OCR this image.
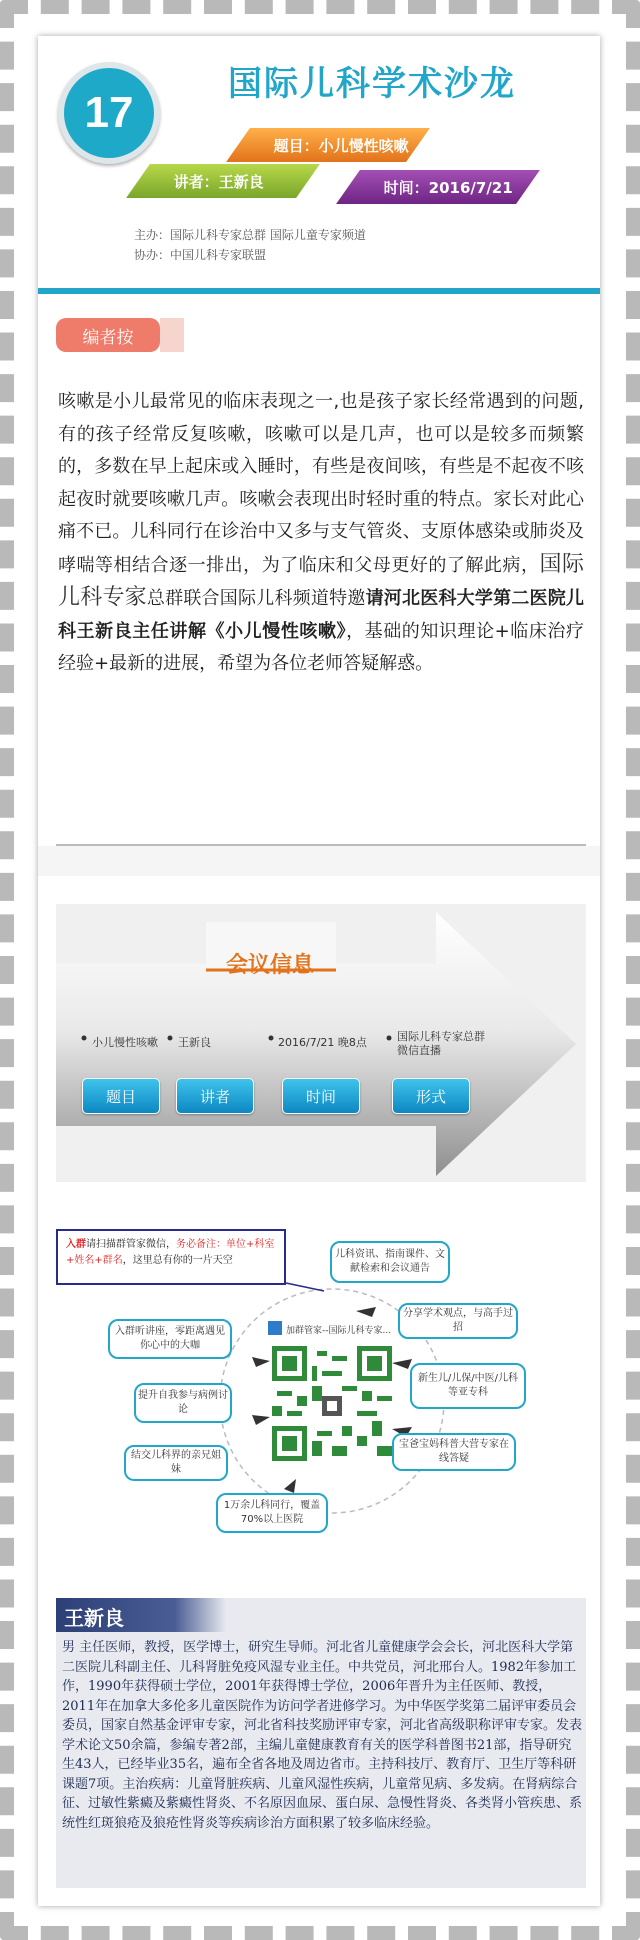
17
国际儿科学术沙龙
题目：小儿慢性咳嗽
讲者：王新良	时间：2016/7/21
主办：国际儿科专家总群 国际儿童专家频道
协办：中国儿科专家联盟
编者按
咳嗽是小儿最常见的临床表现之一,也是孩子家长经常遇到的问题,有的孩子经常反复咳嗽，咳嗽可以是几声，也可以是较多而频繁的，多数在早上起床或入睡时，有些是夜间咳，有些是不起夜不咳起夜时就要咳嗽几声。咳嗽会表现出时轻时重的特点。家长对此心痛不已。儿科同行在诊治中又多与支气管炎、支原体感染或肺炎及哮喘等相结合逐一排出，为了临床和父母更好的了解此病，国际儿科专家总群联合国际儿科频道特邀请河北医科大学第二医院儿科王新良主任讲解《小儿慢性咳嗽》，基础的知识理论+临床治疗经验+最新的进展，希望为各位老师答疑解惑。
会议信息
小儿慢性咳嗽 王新良	2016/7/21 晚8点	国际儿科专家总群微信直播
题目	讲者	时间	形式
入群请扫描群管家微信，务必备注：单位+科室+姓名+群名，这里总有你的一片天空
加群管家--国际儿科专家...
儿科资讯、指南课件、文献检索和会议通告
入群听讲座，零距离遇见你心中的大咖
分享学术观点，与高手过招
提升自我参与病例讨论
新生儿/儿保/中医/儿科等亚专科
结交儿科界的亲兄姐妹
宝爸宝妈科普大营专家在线答疑
1万余儿科同行，覆盖70%以上医院
王新良
男 主任医师，教授，医学博士，研究生导师。河北省儿童健康学会会长，河北医科大学第二医院儿科副主任、儿科肾脏免疫风湿专业主任。中共党员，河北邢台人。1982年参加工作，1990年获得硕士学位，2001年获得博士学位，2006年晋升为主任医师、教授，2011年在加拿大多伦多儿童医院作为访问学者进修学习。为中华医学奖第二届评审委员会委员，国家自然基金评审专家，河北省科技奖励评审专家，河北省高级职称评审专家。发表学术论文50余篇，参编专著2部，主编儿童健康教育有关的医学科普图书21部，指导研究生43人，已经毕业35名，遍布全省各地及周边省市。主持科技厅、教育厅、卫生厅等科研课题7项。主治疾病：儿童肾脏疾病、儿童风湿性疾病，儿童常见病、多发病。在肾病综合征、过敏性紫癜及紫癜性肾炎、不名原因血尿、蛋白尿、急慢性肾炎、各类肾小管疾患、系统性红斑狼疮及狼疮性肾炎等疾病诊治方面积累了较多临床经验。
